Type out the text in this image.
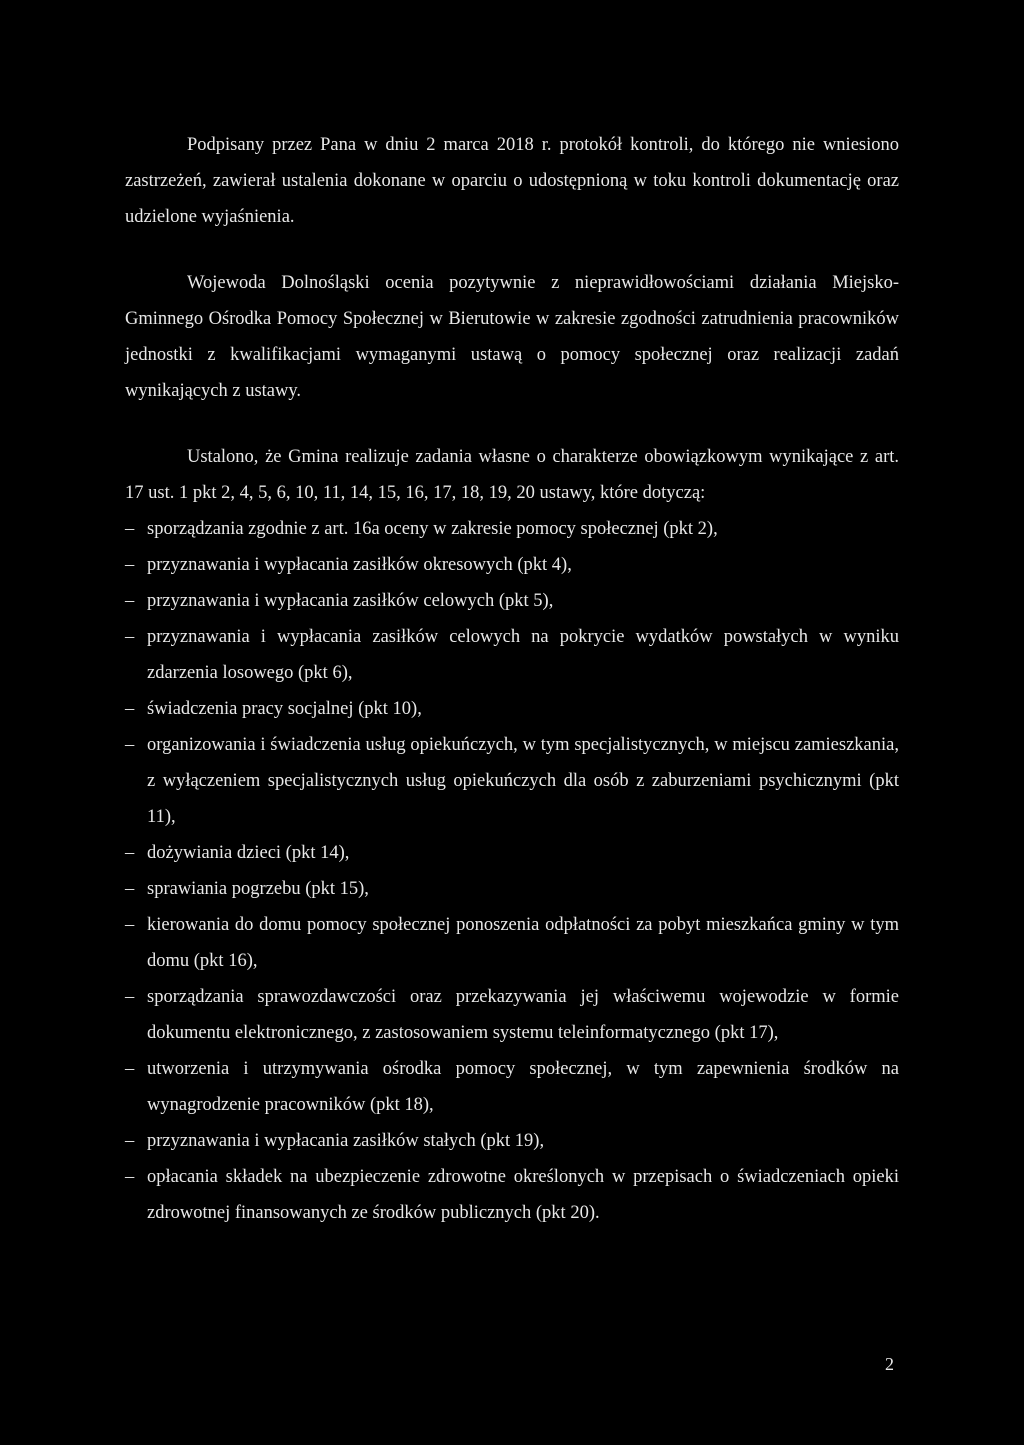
Podpisany przez Pana w dniu 2 marca 2018 r. protokół kontroli, do którego nie wniesiono zastrzeżeń, zawierał ustalenia dokonane w oparciu o udostępnioną w toku kontroli dokumentację oraz udzielone wyjaśnienia.

Wojewoda Dolnośląski ocenia pozytywnie z nieprawidłowościami działania Miejsko-Gminnego Ośrodka Pomocy Społecznej w Bierutowie w zakresie zgodności zatrudnienia pracowników jednostki z kwalifikacjami wymaganymi ustawą o pomocy społecznej oraz realizacji zadań wynikających z ustawy.

Ustalono, że Gmina realizuje zadania własne o charakterze obowiązkowym wynikające z art. 17 ust. 1 pkt 2, 4, 5, 6, 10, 11, 14, 15, 16, 17, 18, 19, 20 ustawy, które dotyczą:

– sporządzania zgodnie z art. 16a oceny w zakresie pomocy społecznej (pkt 2),
– przyznawania i wypłacania zasiłków okresowych (pkt 4),
– przyznawania i wypłacania zasiłków celowych (pkt 5),
– przyznawania i wypłacania zasiłków celowych na pokrycie wydatków powstałych w wyniku zdarzenia losowego (pkt 6),
– świadczenia pracy socjalnej (pkt 10),
– organizowania i świadczenia usług opiekuńczych, w tym specjalistycznych, w miejscu zamieszkania, z wyłączeniem specjalistycznych usług opiekuńczych dla osób z zaburzeniami psychicznymi (pkt 11),
– dożywiania dzieci (pkt 14),
– sprawiania pogrzebu (pkt 15),
– kierowania do domu pomocy społecznej ponoszenia odpłatności za pobyt mieszkańca gminy w tym domu (pkt 16),
– sporządzania sprawozdawczości oraz przekazywania jej właściwemu wojewodzie w formie dokumentu elektronicznego, z zastosowaniem systemu teleinformatycznego (pkt 17),
– utworzenia i utrzymywania ośrodka pomocy społecznej, w tym zapewnienia środków na wynagrodzenie pracowników (pkt 18),
– przyznawania i wypłacania zasiłków stałych (pkt 19),
– opłacania składek na ubezpieczenie zdrowotne określonych w przepisach o świadczeniach opieki zdrowotnej finansowanych ze środków publicznych (pkt 20).
2
